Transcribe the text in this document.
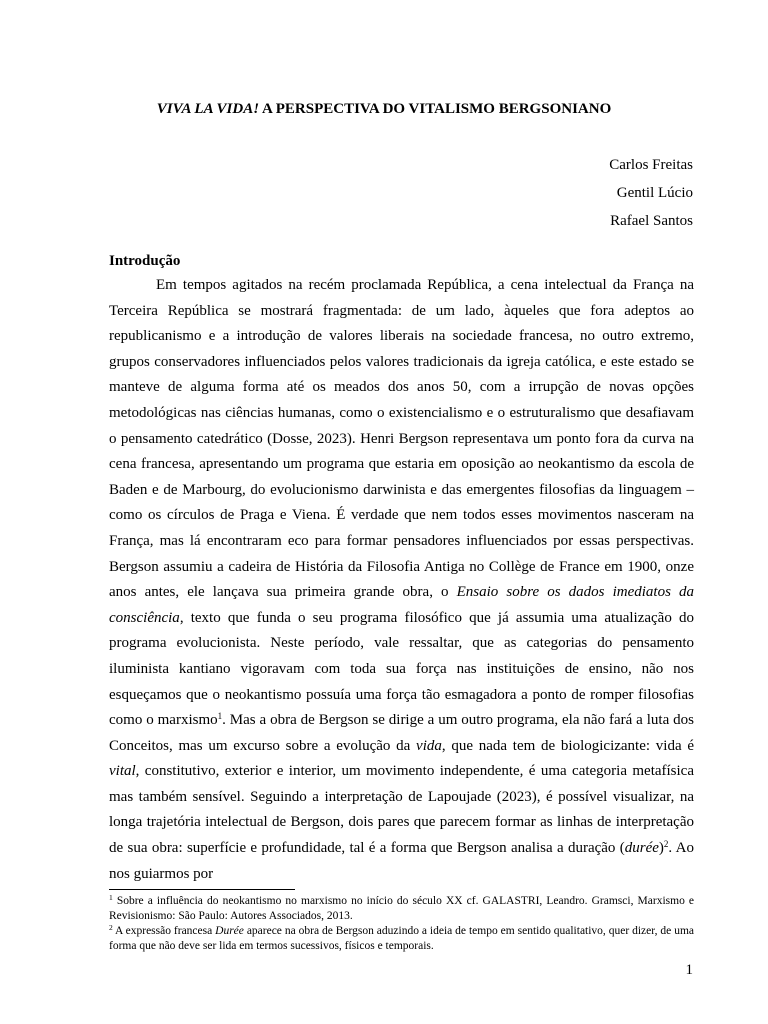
VIVA LA VIDA! A PERSPECTIVA DO VITALISMO BERGSONIANO
Carlos Freitas
Gentil Lúcio
Rafael Santos
Introdução

Em tempos agitados na recém proclamada República, a cena intelectual da França na Terceira República se mostrará fragmentada: de um lado, àqueles que fora adeptos ao republicanismo e a introdução de valores liberais na sociedade francesa, no outro extremo, grupos conservadores influenciados pelos valores tradicionais da igreja católica, e este estado se manteve de alguma forma até os meados dos anos 50, com a irrupção de novas opções metodológicas nas ciências humanas, como o existencialismo e o estruturalismo que desafiavam o pensamento catedrático (Dosse, 2023). Henri Bergson representava um ponto fora da curva na cena francesa, apresentando um programa que estaria em oposição ao neokantismo da escola de Baden e de Marbourg, do evolucionismo darwinista e das emergentes filosofias da linguagem – como os círculos de Praga e Viena. É verdade que nem todos esses movimentos nasceram na França, mas lá encontraram eco para formar pensadores influenciados por essas perspectivas. Bergson assumiu a cadeira de História da Filosofia Antiga no Collège de France em 1900, onze anos antes, ele lançava sua primeira grande obra, o Ensaio sobre os dados imediatos da consciência, texto que funda o seu programa filosófico que já assumia uma atualização do programa evolucionista. Neste período, vale ressaltar, que as categorias do pensamento iluminista kantiano vigoravam com toda sua força nas instituições de ensino, não nos esqueçamos que o neokantismo possuía uma força tão esmagadora a ponto de romper filosofias como o marxismo$^1$. Mas a obra de Bergson se dirige a um outro programa, ela não fará a luta dos Conceitos, mas um excurso sobre a evolução da vida, que nada tem de biologicizante: vida é vital, constitutivo, exterior e interior, um movimento independente, é uma categoria metafísica mas também sensível. Seguindo a interpretação de Lapoujade (2023), é possível visualizar, na longa trajetória intelectual de Bergson, dois pares que parecem formar as linhas de interpretação de sua obra: superfície e profundidade, tal é a forma que Bergson analisa a duração (durée)$^2$. Ao nos guiarmos por

$^1$ Sobre a influência do neokantismo no marxismo no início do século XX cf. GALASTRI, Leandro. Gramsci, Marxismo e Revisionismo: São Paulo: Autores Associados, 2013.

$^2$ A expressão francesa Durée aparece na obra de Bergson aduzindo a ideia de tempo em sentido qualitativo, quer dizer, de uma forma que não deve ser lida em termos sucessivos, físicos e temporais.

1
